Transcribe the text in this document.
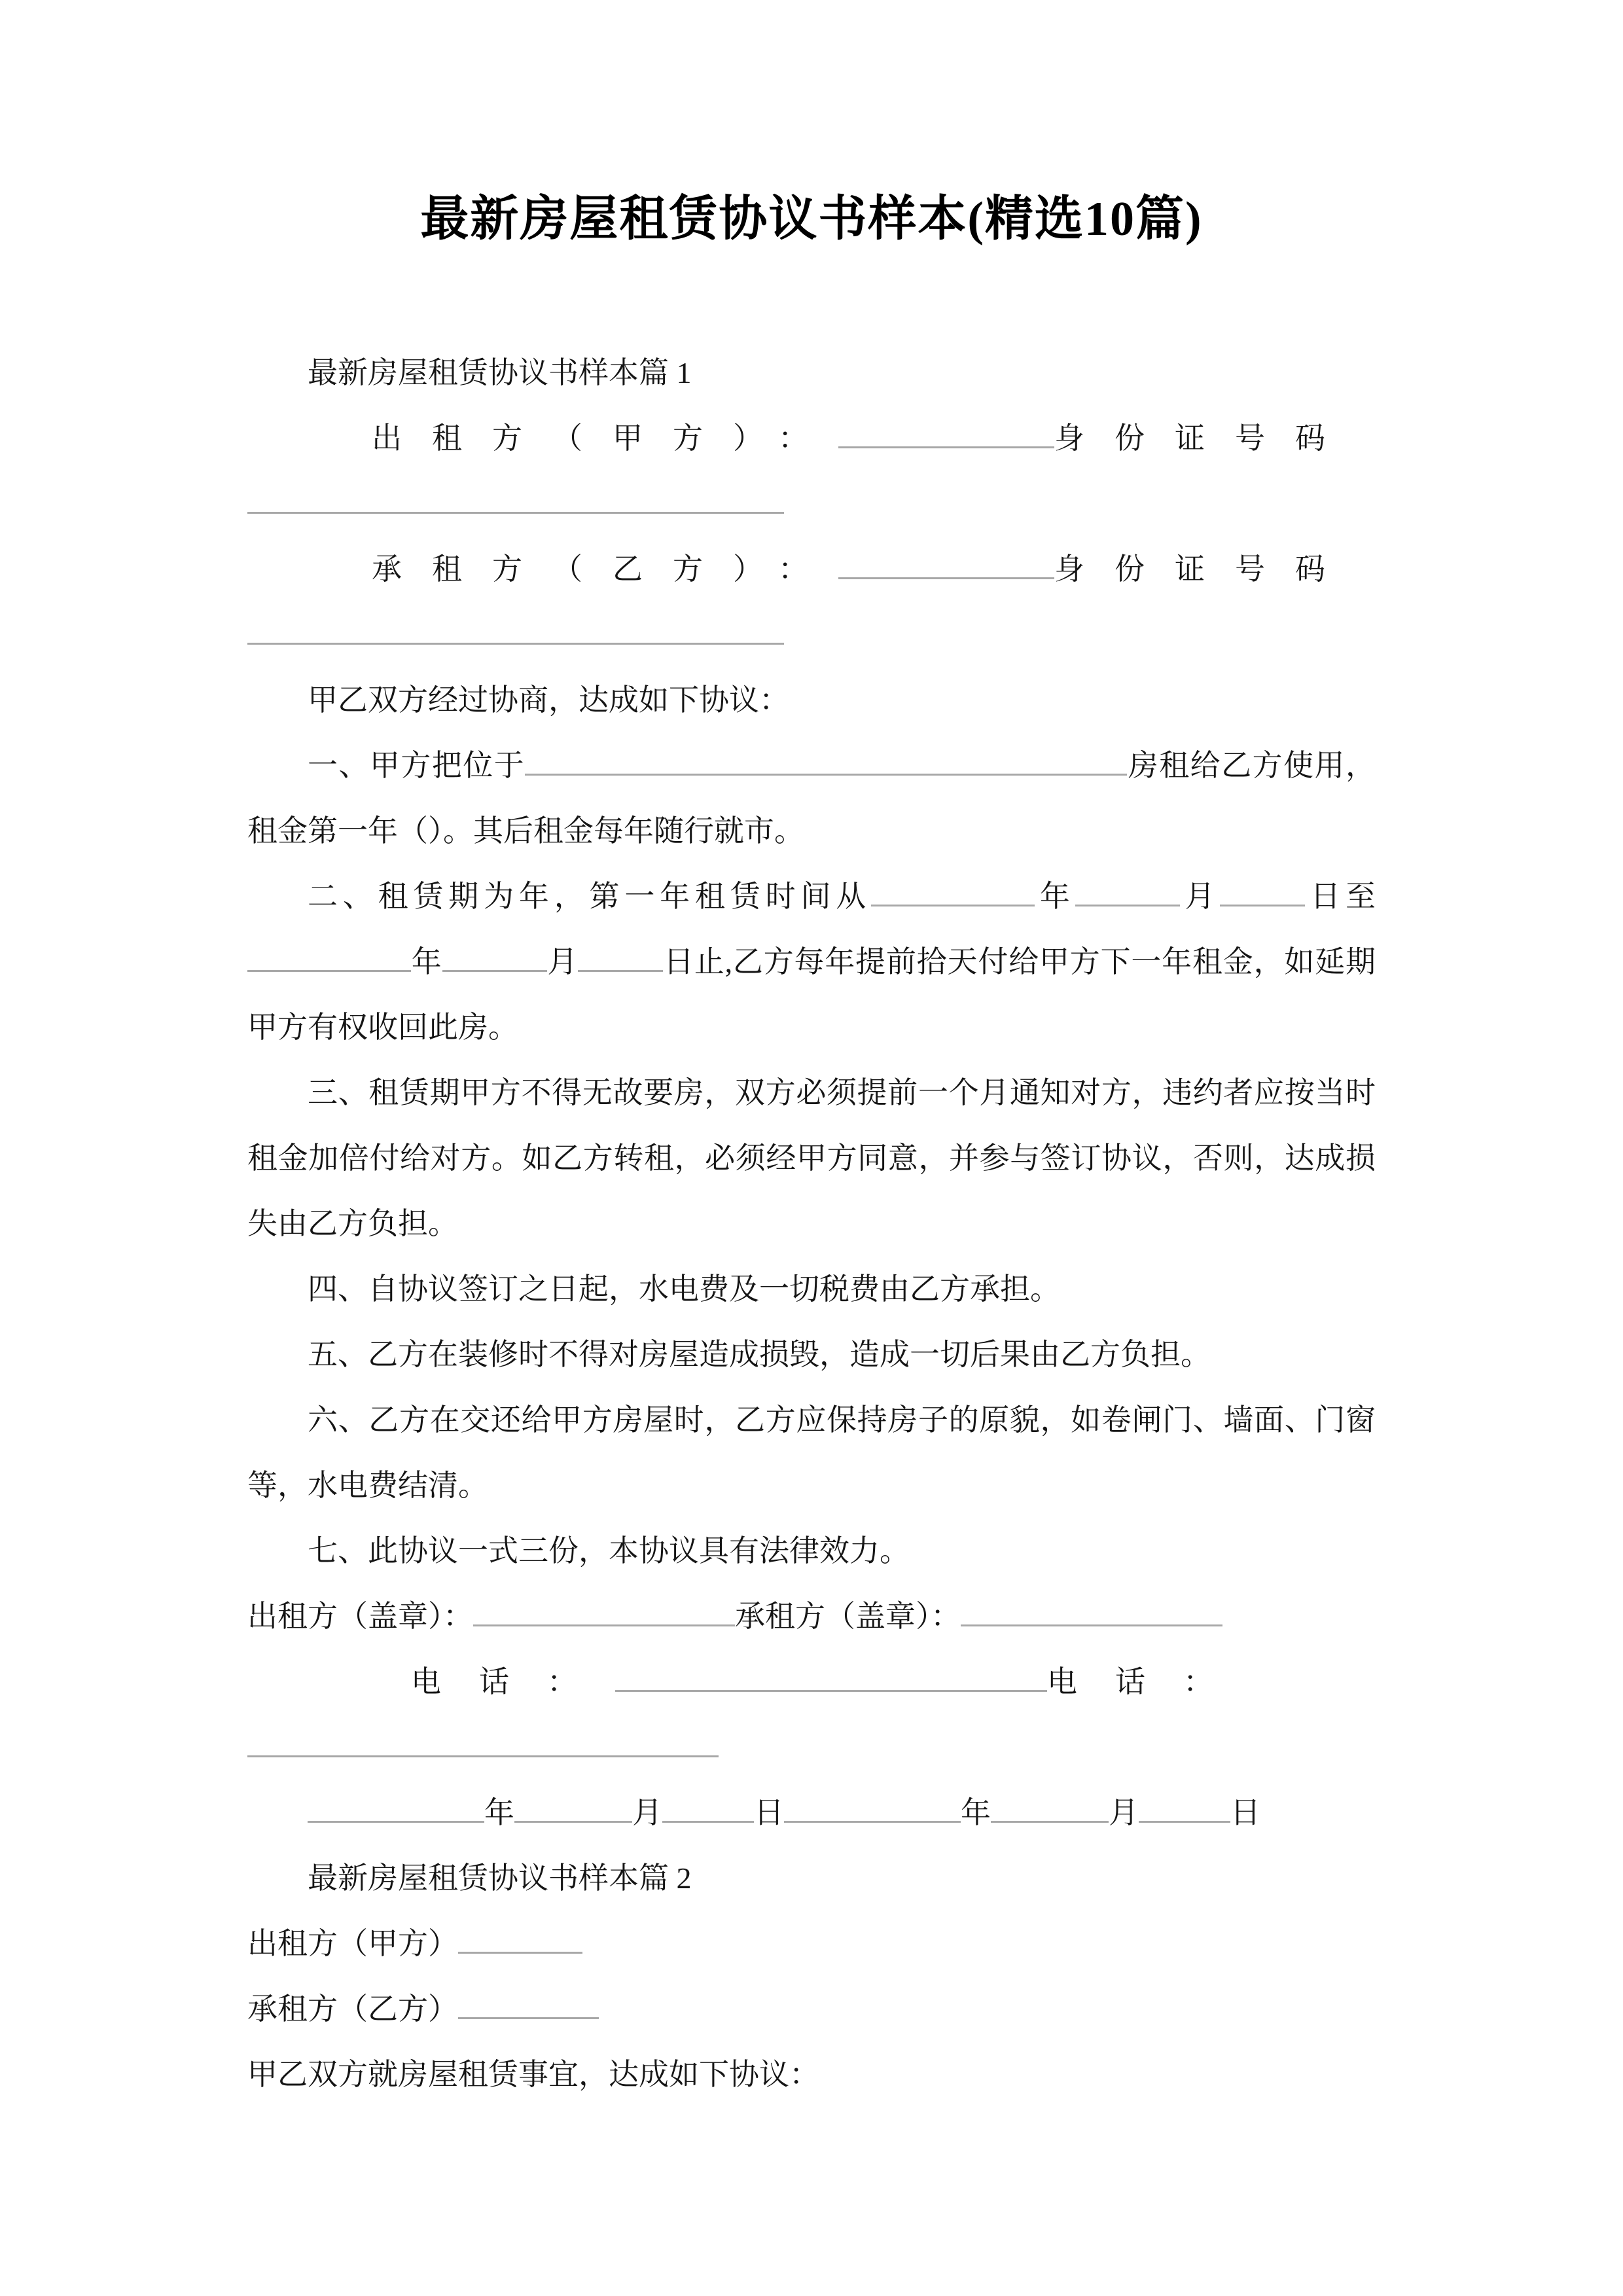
最新房屋租赁协议书样本(精选10篇)

最新房屋租赁协议书样本篇 1

出租方（甲方）：	身份证号码
承租方（乙方）：	身份证号码

甲乙双方经过协商，达成如下协议：

一、甲方把位于	房租给乙方使用，租金第一年（）。其后租金每年随行就市。

二、租赁期为年，第一年租赁时间从	年	月	日至年	月	日止,乙方每年提前拾天付给甲方下一年租金，如延期甲方有权收回此房。

三、租赁期甲方不得无故要房，双方必须提前一个月通知对方，违约者应按当时租金加倍付给对方。如乙方转租，必须经甲方同意，并参与签订协议，否则，达成损失由乙方负担。

四、自协议签订之日起，水电费及一切税费由乙方承担。

五、乙方在装修时不得对房屋造成损毁，造成一切后果由乙方负担。

六、乙方在交还给甲方房屋时，乙方应保持房子的原貌，如卷闸门、墙面、门窗等，水电费结清。

七、此协议一式三份，本协议具有法律效力。

出租方（盖章）：	承租方（盖章）：

电话：	电话：

年	月	日	年	月	日

最新房屋租赁协议书样本篇 2

出租方（甲方）

承租方（乙方）

甲乙双方就房屋租赁事宜，达成如下协议：
